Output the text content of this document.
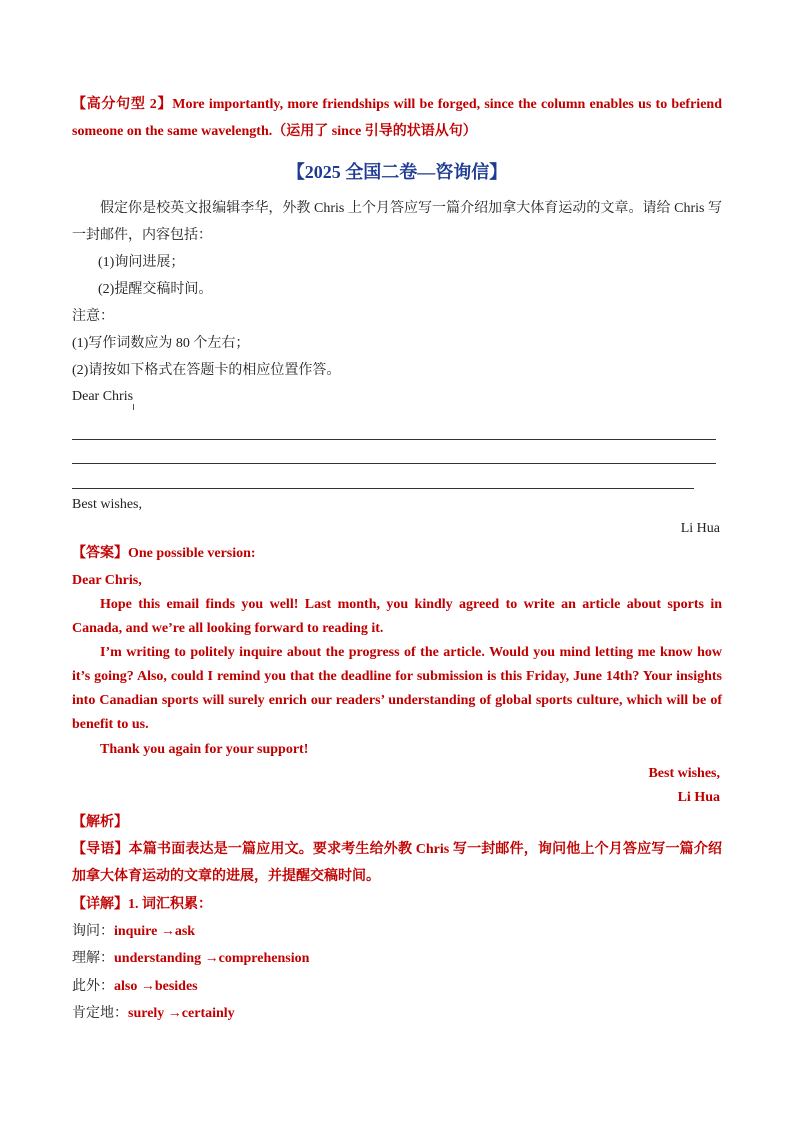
【高分句型 2】More importantly, more friendships will be forged, since the column enables us to befriend
someone on the same wavelength.（运用了 since 引导的状语从句）
【2025 全国二卷—咨询信】
假定你是校英文报编辑李华，外教 Chris 上个月答应写一篇介绍加拿大体育运动的文章。请给 Chris 写
一封邮件，内容包括：
(1)询问进展；
(2)提醒交稿时间。
注意：
(1)写作词数应为 80 个左右；
(2)请按如下格式在答题卡的相应位置作答。
Dear Chris
Best wishes,
Li Hua
【答案】One possible version:
Dear Chris,
Hope this email finds you well! Last month, you kindly agreed to write an article about sports in
Canada, and we’re all looking forward to reading it.
I’m writing to politely inquire about the progress of the article. Would you mind letting me know how
it’s going? Also, could I remind you that the deadline for submission is this Friday, June 14th? Your insights
into Canadian sports will surely enrich our readers’ understanding of global sports culture, which will be of
benefit to us.
Thank you again for your support!
Best wishes,
Li Hua
【解析】
【导语】本篇书面表达是一篇应用文。要求考生给外教 Chris 写一封邮件，询问他上个月答应写一篇介绍
加拿大体育运动的文章的进展，并提醒交稿时间。
【详解】1. 词汇积累：
询问：inquire →ask
理解：understanding →comprehension
此外：also →besides
肯定地：surely →certainly
